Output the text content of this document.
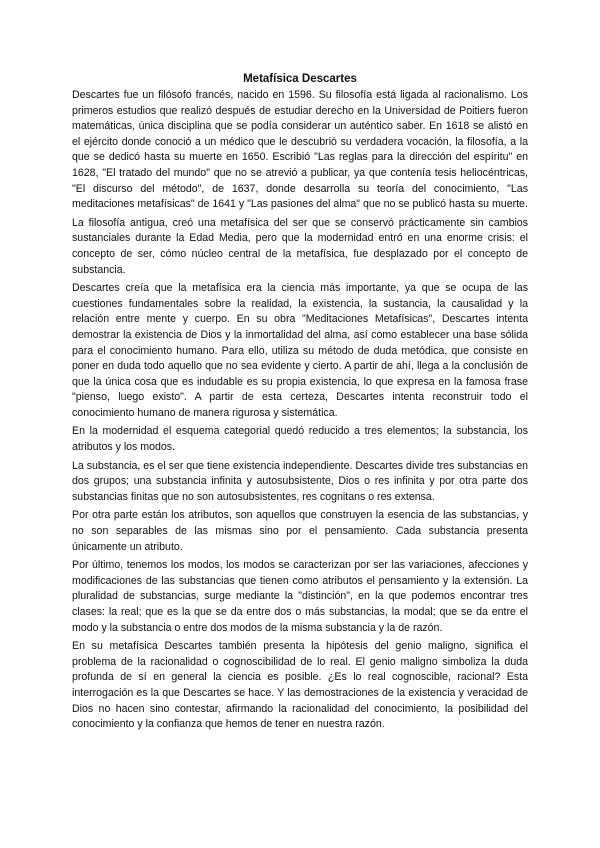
Metafísica Descartes

Descartes fue un filósofo francés, nacido en 1596. Su filosofía está ligada al racionalismo. Los primeros estudios que realizó después de estudiar derecho en la Universidad de Poitiers fueron matemáticas, única disciplina que se podía considerar un auténtico saber. En 1618 se alistó en el ejército donde conoció a un médico que le descubrió su verdadera vocación, la filosofía, a la que se dedicó hasta su muerte en 1650. Escribió "Las reglas para la dirección del espíritu" en 1628, "El tratado del mundo" que no se atrevió a publicar, ya que contenía tesis heliocéntricas, "El discurso del método", de 1637, donde desarrolla su teoría del conocimiento, "Las meditaciones metafísicas" de 1641 y "Las pasiones del alma" que no se publicó hasta su muerte.

La filosofía antigua, creó una metafísica del ser que se conservó prácticamente sin cambios sustanciales durante la Edad Media, pero que la modernidad entró en una enorme crisis: el concepto de ser, cómo núcleo central de la metafísica, fue desplazado por el concepto de substancia.

Descartes creía que la metafísica era la ciencia más importante, ya que se ocupa de las cuestiones fundamentales sobre la realidad, la existencia, la sustancia, la causalidad y la relación entre mente y cuerpo. En su obra "Meditaciones Metafísicas", Descartes intenta demostrar la existencia de Dios y la inmortalidad del alma, así como establecer una base sólida para el conocimiento humano. Para ello, utiliza su método de duda metódica, que consiste en poner en duda todo aquello que no sea evidente y cierto. A partir de ahí, llega a la conclusión de que la única cosa que es indudable es su propia existencia, lo que expresa en la famosa frase "pienso, luego existo". A partir de esta certeza, Descartes intenta reconstruir todo el conocimiento humano de manera rigurosa y sistemática.

En la modernidad el esquema categorial quedó reducido a tres elementos; la substancia, los atributos y los modos.

La substancia, es el ser que tiene existencia independiente. Descartes divide tres substancias en dos grupos; una substancia infinita y autosubsistente, Dios o res infinita y por otra parte dos substancias finitas que no son autosubsistentes, res cognitans o res extensa.

Por otra parte están los atributos, son aquellos que construyen la esencia de las substancias, y no son separables de las mismas sino por el pensamiento. Cada substancia presenta únicamente un atributo.

Por último, tenemos los modos, los modos se caracterizan por ser las variaciones, afecciones y modificaciones de las substancias que tienen como atributos el pensamiento y la extensión. La pluralidad de substancias, surge mediante la "distinción", en la que podemos encontrar tres clases: la real; que es la que se da entre dos o más substancias, la modal; que se da entre el modo y la substancia o entre dos modos de la misma substancia y la de razón.

En su metafísica Descartes también presenta la hipótesis del genio maligno, significa el problema de la racionalidad o cognoscibilidad de lo real. El genio maligno simboliza la duda profunda de sí en general la ciencia es posible. ¿Es lo real cognoscible, racional? Esta interrogación es la que Descartes se hace. Y las demostraciones de la existencia y veracidad de Dios no hacen sino contestar, afirmando la racionalidad del conocimiento, la posibilidad del conocimiento y la confianza que hemos de tener en nuestra razón.
